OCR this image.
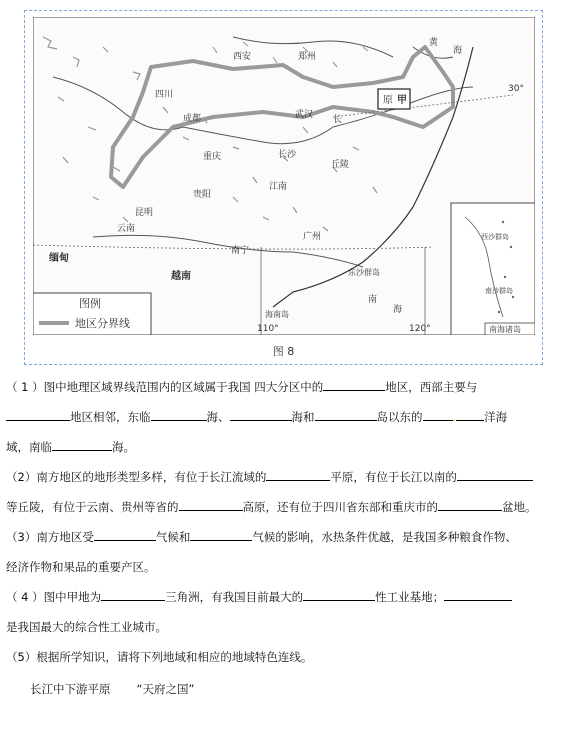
30°
110°	120°
成都
重庆
贵阳
昆明
南宁
广州
长沙
武汉
郑州
西安
四川
云南
江南
丘陵
长
黄
海
南
海
缅甸
越南	东沙群岛
海南岛
原 甲
图例
地区分界线
西沙群岛
南沙群岛
南海诸岛
图 8
（ 1 ）图中地理区域界线范围内的区域属于我国 四大分区中的	地区，西部主要与
地区相邻，东临	海、	海和	岛以东的	. 洋海
域，南临	海。
（2）南方地区的地形类型多样，有位于长江流域的	平原，有位于长江以南的
等丘陵，有位于云南、贵州等省的	高原，还有位于四川省东部和重庆市的	盆地。
（3）南方地区受	气候和	气候的影响，水热条件优越，是我国多种粮食作物、
经济作物和果品的重要产区。
（ 4 ）图中甲地为	三角洲，有我国目前最大的	性工业基地；
是我国最大的综合性工业城市。
（5）根据所学知识，请将下列地域和相应的地域特色连线。
长江中下游平原 “天府之国”
